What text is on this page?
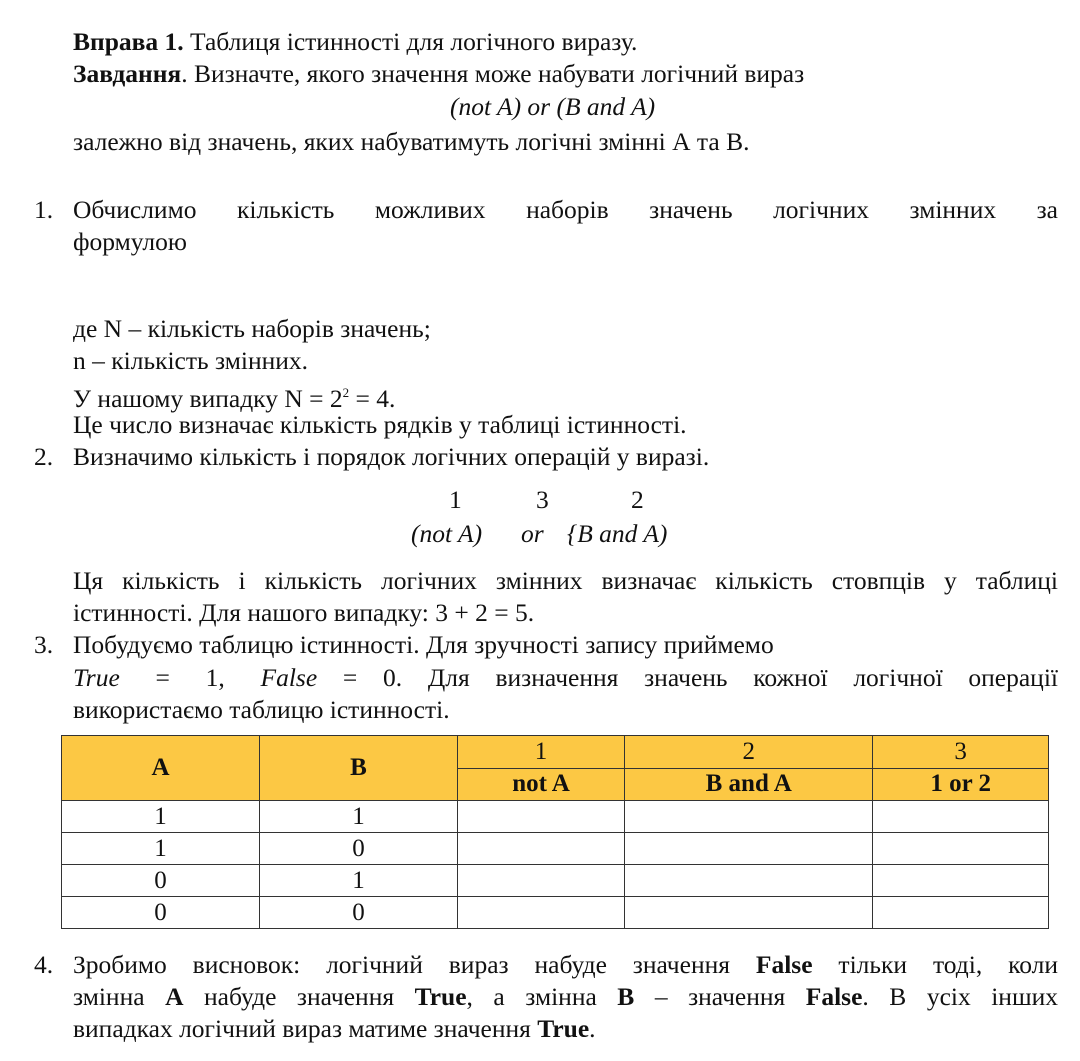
Вправа 1. Таблиця істинності для логічного виразу.
Завдання. Визначте, якого значення може набувати логічний вираз
(not A) or (B and A)
залежно від значень, яких набуватимуть логічні змінні А та В.
1. Обчислимо кількість можливих наборів значень логічних змінних за
формулою
де N – кількість наборів значень;
n – кількість змінних.
У нашому випадку $N = 2^2 = 4$.
Це число визначає кількість рядків у таблиці істинності.
2. Визначимо кількість і порядок логічних операцій у виразі.
1	3	2
(not A) or {B and A)
Ця кількість і кількість логічних змінних визначає кількість стовпців у таблиці
істинності. Для нашого випадку: 3 + 2 = 5.
3. Побудуємо таблицю істинності. Для зручності запису приймемо
True = 1, False = 0. Для визначення значень кожної логічної операції
використаємо таблицю істинності.
A	B	1	2	3
		not A	B and A	1 or 2
1	1			
1	0			
0	1			
0	0			
4. Зробимо висновок: логічний вираз набуде значення False тільки тоді, коли
змінна A набуде значення True, а змінна B – значення False. В усіх інших
випадках логічний вираз матиме значення True.
